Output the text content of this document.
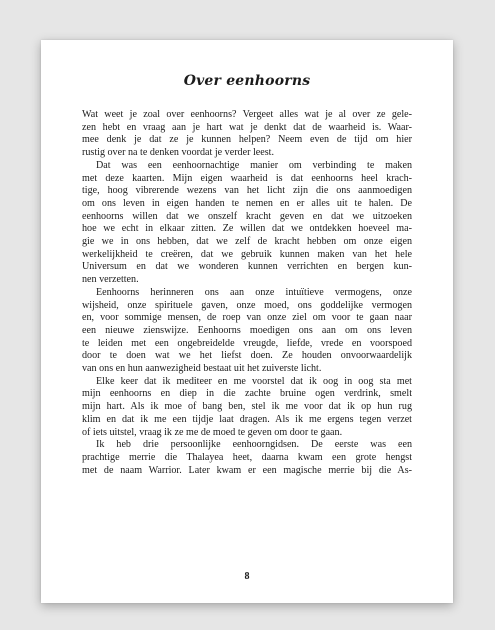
Over eenhoorns
Wat weet je zoal over eenhoorns? Vergeet alles wat je al over ze gele-
zen hebt en vraag aan je hart wat je denkt dat de waarheid is. Waar-
mee denk je dat ze je kunnen helpen? Neem even de tijd om hier
rustig over na te denken voordat je verder leest.
Dat was een eenhoornachtige manier om verbinding te maken
met deze kaarten. Mijn eigen waarheid is dat eenhoorns heel krach-
tige, hoog vibrerende wezens van het licht zijn die ons aanmoedigen
om ons leven in eigen handen te nemen en er alles uit te halen. De
eenhoorns willen dat we onszelf kracht geven en dat we uitzoeken
hoe we echt in elkaar zitten. Ze willen dat we ontdekken hoeveel ma-
gie we in ons hebben, dat we zelf de kracht hebben om onze eigen
werkelijkheid te creëren, dat we gebruik kunnen maken van het hele
Universum en dat we wonderen kunnen verrichten en bergen kun-
nen verzetten.
Eenhoorns herinneren ons aan onze intuïtieve vermogens, onze
wijsheid, onze spirituele gaven, onze moed, ons goddelijke vermogen
en, voor sommige mensen, de roep van onze ziel om voor te gaan naar
een nieuwe zienswijze. Eenhoorns moedigen ons aan om ons leven
te leiden met een ongebreidelde vreugde, liefde, vrede en voorspoed
door te doen wat we het liefst doen. Ze houden onvoorwaardelijk
van ons en hun aanwezigheid bestaat uit het zuiverste licht.
Elke keer dat ik mediteer en me voorstel dat ik oog in oog sta met
mijn eenhoorns en diep in die zachte bruine ogen verdrink, smelt
mijn hart. Als ik moe of bang ben, stel ik me voor dat ik op hun rug
klim en dat ik me een tijdje laat dragen. Als ik me ergens tegen verzet
of iets uitstel, vraag ik ze me de moed te geven om door te gaan.
Ik heb drie persoonlijke eenhoorngidsen. De eerste was een
prachtige merrie die Thalayea heet, daarna kwam een grote hengst
met de naam Warrior. Later kwam er een magische merrie bij die As-
8
